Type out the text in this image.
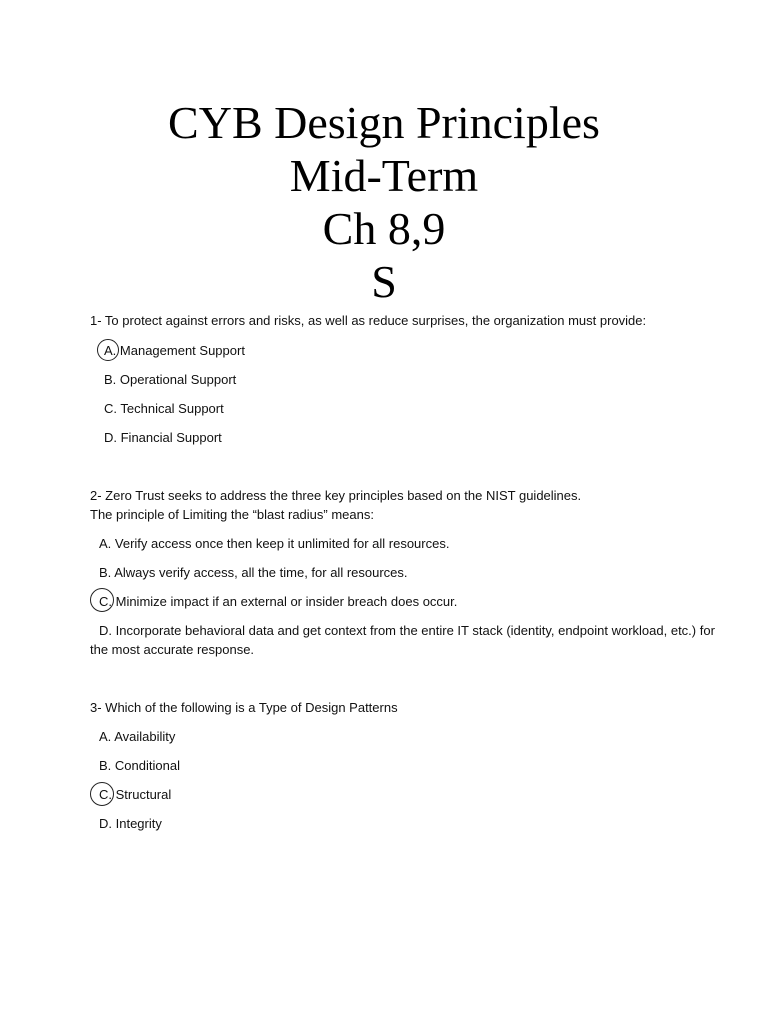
CYB Design Principles
Mid-Term
Ch 8,9
S
1- To protect against errors and risks, as well as reduce surprises, the organization must provide:
A. Management Support
B. Operational Support
C. Technical Support
D. Financial Support
2- Zero Trust seeks to address the three key principles based on the NIST guidelines.
The principle of Limiting the “blast radius” means:
A. Verify access once then keep it unlimited for all resources.
B. Always verify access, all the time, for all resources.
C. Minimize impact if an external or insider breach does occur.
D. Incorporate behavioral data and get context from the entire IT stack (identity, endpoint workload, etc.) for the most accurate response.
3- Which of the following is a Type of Design Patterns
A. Availability
B. Conditional
C. Structural
D. Integrity
